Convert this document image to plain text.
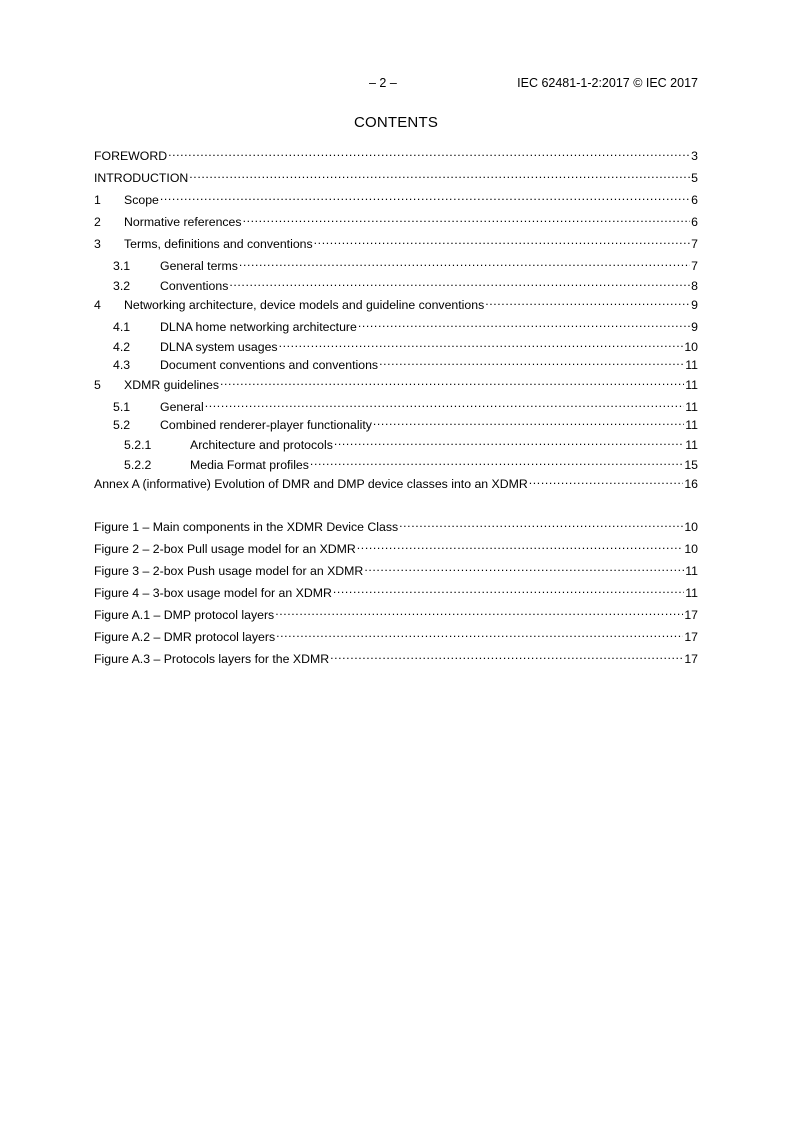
– 2 –	IEC 62481-1-2:2017 © IEC 2017
CONTENTS
FOREWORD .....	3
INTRODUCTION .....	5
1	Scope .....	6
2	Normative references .....	6
3	Terms, definitions and conventions .....	7
3.1	General terms .....	7
3.2	Conventions .....	8
4	Networking architecture, device models and guideline conventions .....	9
4.1	DLNA home networking architecture .....	9
4.2	DLNA system usages .....	10
4.3	Document conventions and conventions .....	11
5	XDMR guidelines .....	11
5.1	General .....	11
5.2	Combined renderer-player functionality .....	11
5.2.1	Architecture and protocols .....	11
5.2.2	Media Format profiles .....	15
Annex A (informative) Evolution of DMR and DMP device classes into an XDMR .....	16
Figure 1 – Main components in the XDMR Device Class .....	10
Figure 2 – 2-box Pull usage model for an XDMR .....	10
Figure 3 – 2-box Push usage model for an XDMR .....	11
Figure 4 – 3-box usage model for an XDMR .....	11
Figure A.1 – DMP protocol layers .....	17
Figure A.2 – DMR protocol layers .....	17
Figure A.3 – Protocols layers for the XDMR .....	17
